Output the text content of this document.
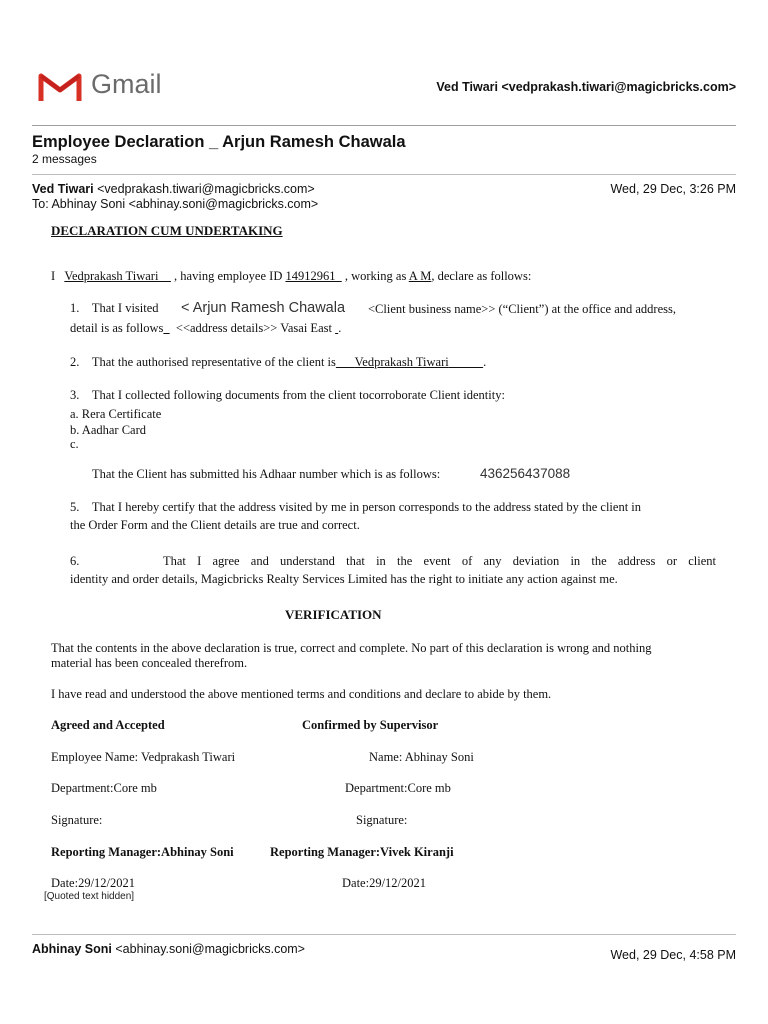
Gmail	Ved Tiwari <vedprakash.tiwari@magicbricks.com>
Employee Declaration _ Arjun Ramesh Chawala
2 messages
Ved Tiwari <vedprakash.tiwari@magicbricks.com>	Wed, 29 Dec, 3:26 PM
To: Abhinay Soni <abhinay.soni@magicbricks.com>
DECLARATION CUM UNDERTAKING
I Vedprakash Tiwari , having employee ID 14912961 , working as A M, declare as follows:
1. That I visited < Arjun Ramesh Chawala <Client business name>> (“Client”) at the office and address,
detail is as follows <<address details>> Vasai East .
2. That the authorised representative of the client is Vedprakash Tiwari	.
3. That I collected following documents from the client tocorroborate Client identity:
a. Rera Certificate
b. Aadhar Card
c.
That the Client has submitted his Adhaar number which is as follows:	436256437088
5. That I hereby certify that the address visited by me in person corresponds to the address stated by the client in
the Order Form and the Client details are true and correct.
6.	That I agree and understand that in the event of any deviation in the address or client
identity and order details, Magicbricks Realty Services Limited has the right to initiate any action against me.
VERIFICATION
That the contents in the above declaration is true, correct and complete. No part of this declaration is wrong and nothing
material has been concealed therefrom.
I have read and understood the above mentioned terms and conditions and declare to abide by them.
Agreed and Accepted	Confirmed by Supervisor
Employee Name: Vedprakash Tiwari	Name: Abhinay Soni
Department:Core mb	Department:Core mb
Signature:	Signature:
Reporting Manager:Abhinay Soni	Reporting Manager:Vivek Kiranji
Date:29/12/2021	Date:29/12/2021
[Quoted text hidden]
Abhinay Soni <abhinay.soni@magicbricks.com>	Wed, 29 Dec, 4:58 PM
